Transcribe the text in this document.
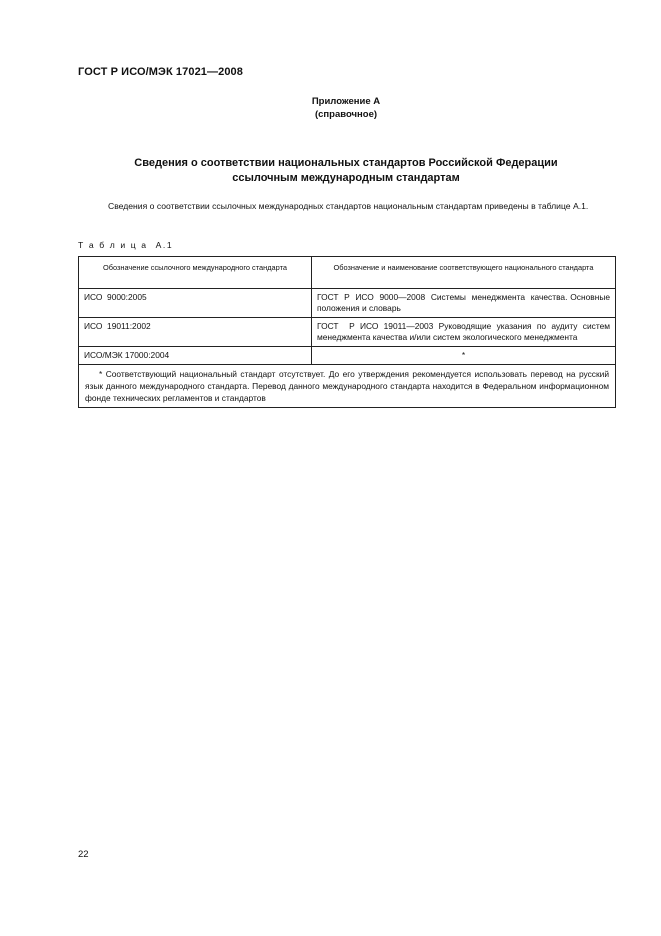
ГОСТ Р ИСО/МЭК 17021—2008
Приложение А
(справочное)
Сведения о соответствии национальных стандартов Российской Федерации
ссылочным международным стандартам
Сведения о соответствии ссылочных международных стандартов национальным стандартам приведены в таблице А.1.
Т а б л и ц а  А.1
Обозначение ссылочного международного стандарта	Обозначение и наименование соответствующего национального стандарта
ИСО  9000:2005	ГОСТ  Р  ИСО  9000—2008  Системы  менеджмента  качества. Основные положения и словарь
ИСО  19011:2002	ГОСТ  Р ИСО 19011—2003 Руководящие указания по аудиту систем менеджмента качества и/или систем экологического менеджмента
ИСО/МЭК 17000:2004	*

* Соответствующий национальный стандарт отсутствует. До его утверждения рекомендуется использовать перевод на русский язык данного международного стандарта. Перевод данного международного стандарта находится в Федеральном информационном фонде технических регламентов и стандартов	
22
